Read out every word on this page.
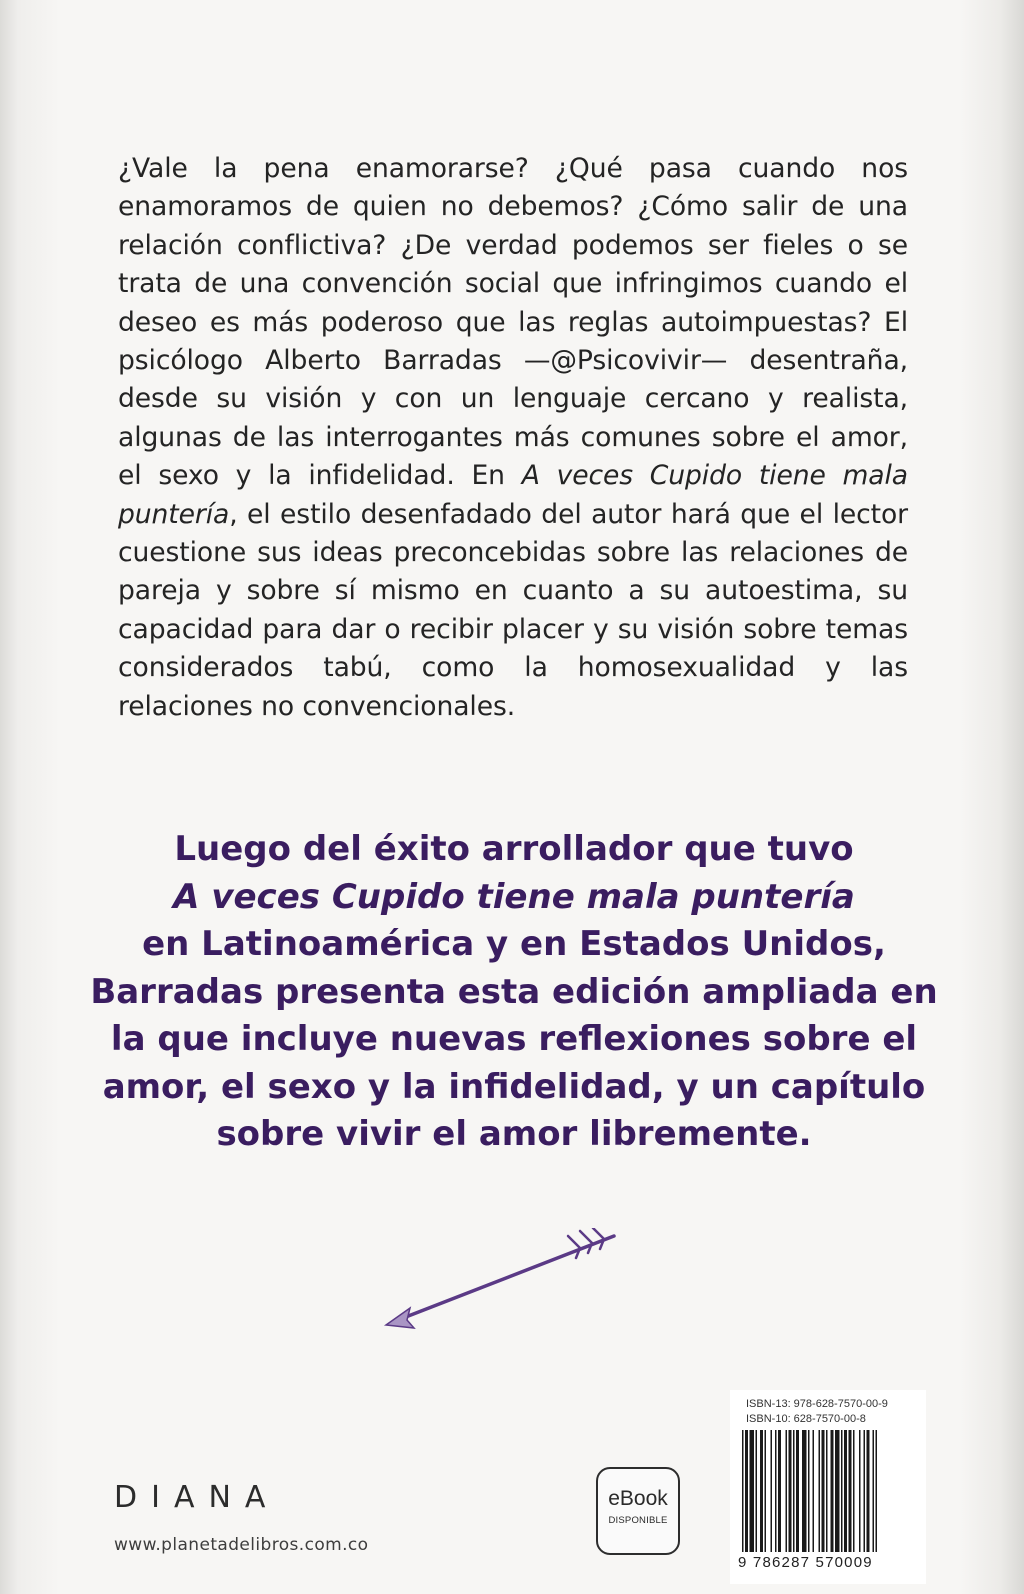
¿Vale la pena enamorarse? ¿Qué pasa cuando nos enamoramos de quien no debemos? ¿Cómo salir de una relación conflictiva? ¿De verdad podemos ser fieles o se trata de una convención social que infringimos cuando el deseo es más poderoso que las reglas autoimpuestas? El psicólogo Alberto Barradas —@Psicovivir— desentraña, desde su visión y con un lenguaje cercano y realista, algunas de las interrogantes más comunes sobre el amor, el sexo y la infidelidad. En A veces Cupido tiene mala puntería, el estilo desenfadado del autor hará que el lector cuestione sus ideas preconcebidas sobre las relaciones de pareja y sobre sí mismo en cuanto a su autoestima, su capacidad para dar o recibir placer y su visión sobre temas considerados tabú, como la homosexualidad y las relaciones no convencionales.

Luego del éxito arrollador que tuvo
A veces Cupido tiene mala puntería
en Latinoamérica y en Estados Unidos, Barradas presenta esta edición ampliada en la que incluye nuevas reflexiones sobre el amor, el sexo y la infidelidad, y un capítulo sobre vivir el amor libremente.

DIANA
www.planetadelibros.com.co
eBook
DISPONIBLE
ISBN-13: 978-628-7570-00-9
ISBN-10: 628-7570-00-8
9 786287 570009
